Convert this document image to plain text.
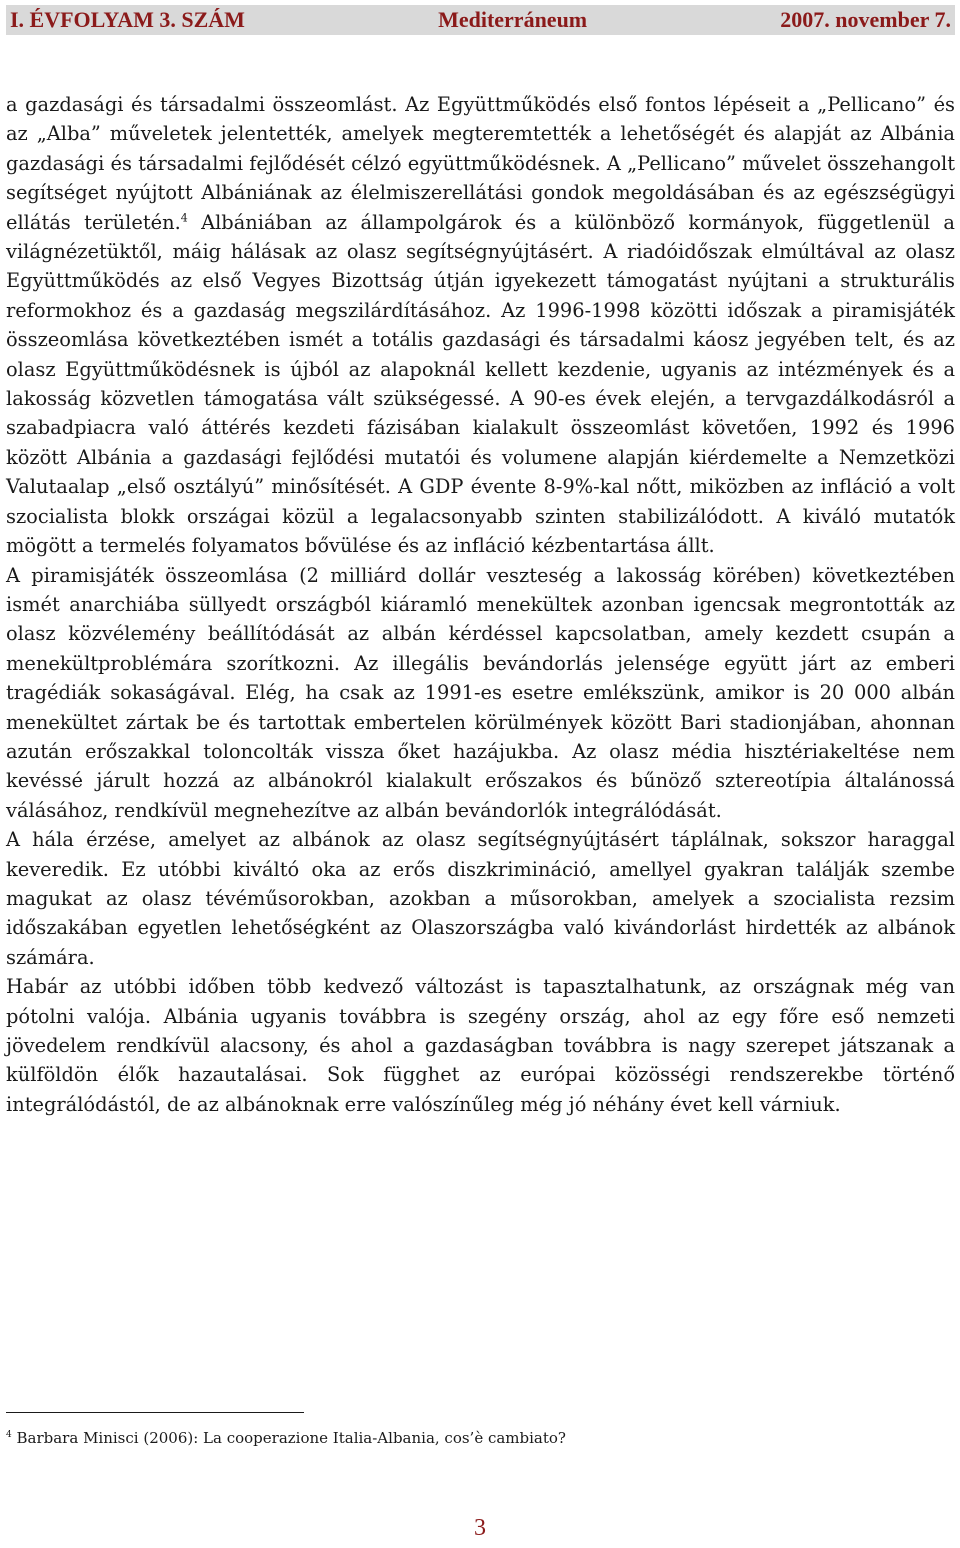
I. ÉVFOLYAM 3. SZÁM	Mediterráneum	2007. november 7.

a gazdasági és társadalmi összeomlást. Az Együttműködés első fontos lépéseit a „Pellicano” és az „Alba” műveletek jelentették, amelyek megteremtették a lehetőségét és alapját az Albánia gazdasági és társadalmi fejlődését célzó együttműködésnek. A „Pellicano” művelet összehangolt segítséget nyújtott Albániának az élelmiszerellátási gondok megoldásában és az egészségügyi ellátás területén.$^4$ Albániában az állampolgárok és a különböző kormányok, függetlenül a világnézetüktől, máig hálásak az olasz segítségnyújtásért. A riadóidőszak elmúltával az olasz Együttműködés az első Vegyes Bizottság útján igyekezett támogatást nyújtani a strukturális reformokhoz és a gazdaság megszilárdításához. Az 1996-1998 közötti időszak a piramisjáték összeomlása következtében ismét a totális gazdasági és társadalmi káosz jegyében telt, és az olasz Együttműködésnek is újból az alapoknál kellett kezdenie, ugyanis az intézmények és a lakosság közvetlen támogatása vált szükségessé. A 90-es évek elején, a tervgazdálkodásról a szabadpiacra való áttérés kezdeti fázisában kialakult összeomlást követően, 1992 és 1996 között Albánia a gazdasági fejlődési mutatói és volumene alapján kiérdemelte a Nemzetközi Valutaalap „első osztályú” minősítését. A GDP évente 8-9%-kal nőtt, miközben az infláció a volt szocialista blokk országai közül a legalacsonyabb szinten stabilizálódott. A kiváló mutatók mögött a termelés folyamatos bővülése és az infláció kézbentartása állt.

A piramisjáték összeomlása (2 milliárd dollár veszteség a lakosság körében) következtében ismét anarchiába süllyedt országból kiáramló menekültek azonban igencsak megrontották az olasz közvélemény beállítódását az albán kérdéssel kapcsolatban, amely kezdett csupán a menekültproblémára szorítkozni. Az illegális bevándorlás jelensége együtt járt az emberi tragédiák sokaságával. Elég, ha csak az 1991-es esetre emlékszünk, amikor is 20 000 albán menekültet zártak be és tartottak embertelen körülmények között Bari stadionjában, ahonnan azután erőszakkal toloncolták vissza őket hazájukba. Az olasz média hisztériakeltése nem kevéssé járult hozzá az albánokról kialakult erőszakos és bűnöző sztereotípia általánossá válásához, rendkívül megnehezítve az albán bevándorlók integrálódását.

A hála érzése, amelyet az albánok az olasz segítségnyújtásért táplálnak, sokszor haraggal keveredik. Ez utóbbi kiváltó oka az erős diszkrimináció, amellyel gyakran találják szembe magukat az olasz tévéműsorokban, azokban a műsorokban, amelyek a szocialista rezsim időszakában egyetlen lehetőségként az Olaszországba való kivándorlást hirdették az albánok számára.

Habár az utóbbi időben több kedvező változást is tapasztalhatunk, az országnak még van pótolni valója. Albánia ugyanis továbbra is szegény ország, ahol az egy főre eső nemzeti jövedelem rendkívül alacsony, és ahol a gazdaságban továbbra is nagy szerepet játszanak a külföldön élők hazautalásai. Sok függhet az európai közösségi rendszerekbe történő integrálódástól, de az albánoknak erre valószínűleg még jó néhány évet kell várniuk.

$^4$ Barbara Minisci (2006): La cooperazione Italia-Albania, cos’è cambiato?
3
